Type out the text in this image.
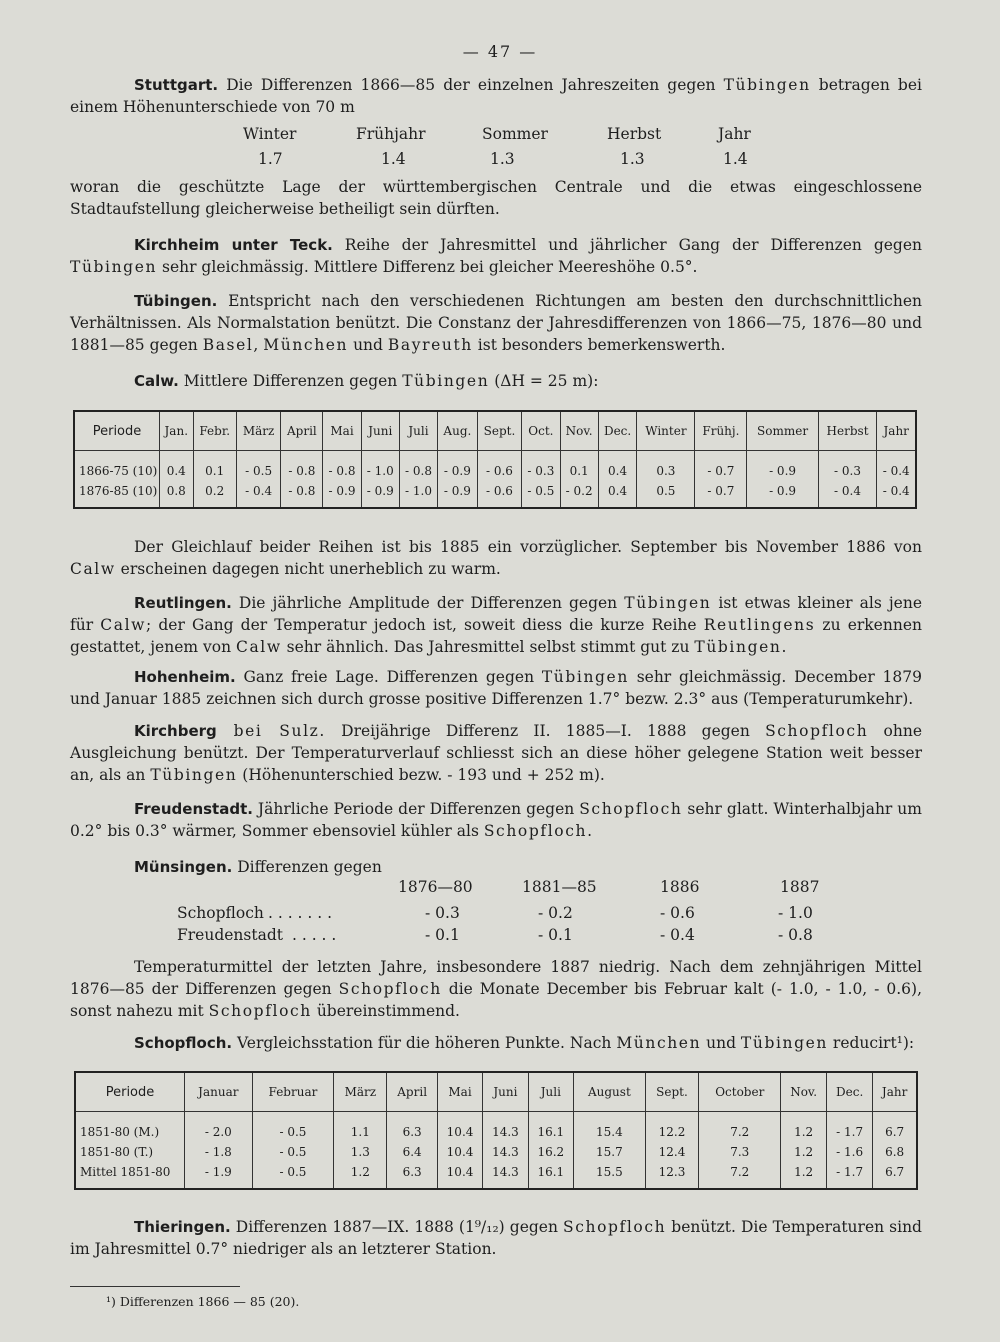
— 47 —
Stuttgart. Die Differenzen 1866—85 der einzelnen Jahreszeiten gegen Tübingen betragen bei einem Höhenunterschiede von 70 m
Winter	Frühjahr	Sommer	Herbst	Jahr
1.7	1.4	1.3	1.3	1.4
woran die geschützte Lage der württembergischen Centrale und die etwas eingeschlossene Stadtaufstellung gleicherweise betheiligt sein dürften.
Kirchheim unter Teck. Reihe der Jahresmittel und jährlicher Gang der Differenzen gegen Tübingen sehr gleichmässig. Mittlere Differenz bei gleicher Meereshöhe 0.5°.
Tübingen. Entspricht nach den verschiedenen Richtungen am besten den durchschnittlichen Verhältnissen. Als Normalstation benützt. Die Constanz der Jahresdifferenzen von 1866—75, 1876—80 und 1881—85 gegen Basel, München und Bayreuth ist besonders bemerkenswerth.
Calw. Mittlere Differenzen gegen Tübingen (ΔH = 25 m):
Periode	Jan.	Febr.	März	April	Mai	Juni	Juli	Aug.	Sept.	Oct.	Nov.	Dec.	Winter	Frühj.	Sommer	Herbst	Jahr
1866-75 (10)	0.4	0.1	- 0.5	- 0.8	- 0.8	- 1.0	- 0.8	- 0.9	- 0.6	- 0.3	0.1	0.4	0.3	- 0.7	- 0.9	- 0.3	- 0.4
1876-85 (10)	0.8	0.2	- 0.4	- 0.8	- 0.9	- 0.9	- 1.0	- 0.9	- 0.6	- 0.5	- 0.2	0.4	0.5	- 0.7	- 0.9	- 0.4	- 0.4
Der Gleichlauf beider Reihen ist bis 1885 ein vorzüglicher. September bis November 1886 von Calw erscheinen dagegen nicht unerheblich zu warm.
Reutlingen. Die jährliche Amplitude der Differenzen gegen Tübingen ist etwas kleiner als jene für Calw; der Gang der Temperatur jedoch ist, soweit diess die kurze Reihe Reutlingens zu erkennen gestattet, jenem von Calw sehr ähnlich. Das Jahresmittel selbst stimmt gut zu Tübingen.
Hohenheim. Ganz freie Lage. Differenzen gegen Tübingen sehr gleichmässig. December 1879 und Januar 1885 zeichnen sich durch grosse positive Differenzen 1.7° bezw. 2.3° aus (Temperaturumkehr).
Kirchberg bei Sulz. Dreijährige Differenz II. 1885—I. 1888 gegen Schopfloch ohne Ausgleichung benützt. Der Temperaturverlauf schliesst sich an diese höher gelegene Station weit besser an, als an Tübingen (Höhenunterschied bezw. - 193 und + 252 m).
Freudenstadt. Jährliche Periode der Differenzen gegen Schopfloch sehr glatt. Winterhalbjahr um 0.2° bis 0.3° wärmer, Sommer ebensoviel kühler als Schopfloch.
Münsingen. Differenzen gegen
1876—80	1881—85	1886	1887
Schopfloch . . . . . . .	- 0.3	- 0.2	- 0.6	- 1.0
Freudenstadt . . . . .	- 0.1	- 0.1	- 0.4	- 0.8
Temperaturmittel der letzten Jahre, insbesondere 1887 niedrig. Nach dem zehnjährigen Mittel 1876—85 der Differenzen gegen Schopfloch die Monate December bis Februar kalt (- 1.0, - 1.0, - 0.6), sonst nahezu mit Schopfloch übereinstimmend.
Schopfloch. Vergleichsstation für die höheren Punkte. Nach München und Tübingen reducirt¹):
Periode	Januar	Februar	März	April	Mai	Juni	Juli	August	Sept.	October	Nov.	Dec.	Jahr
1851-80 (M.)	- 2.0	- 0.5	1.1	6.3	10.4	14.3	16.1	15.4	12.2	7.2	1.2	- 1.7	6.7
1851-80 (T.)	- 1.8	- 0.5	1.3	6.4	10.4	14.3	16.2	15.7	12.4	7.3	1.2	- 1.6	6.8
Mittel 1851-80	- 1.9	- 0.5	1.2	6.3	10.4	14.3	16.1	15.5	12.3	7.2	1.2	- 1.7	6.7
Thieringen. Differenzen 1887—IX. 1888 (1⁹/₁₂) gegen Schopfloch benützt. Die Temperaturen sind im Jahresmittel 0.7° niedriger als an letzterer Station.
¹) Differenzen 1866 — 85 (20).
